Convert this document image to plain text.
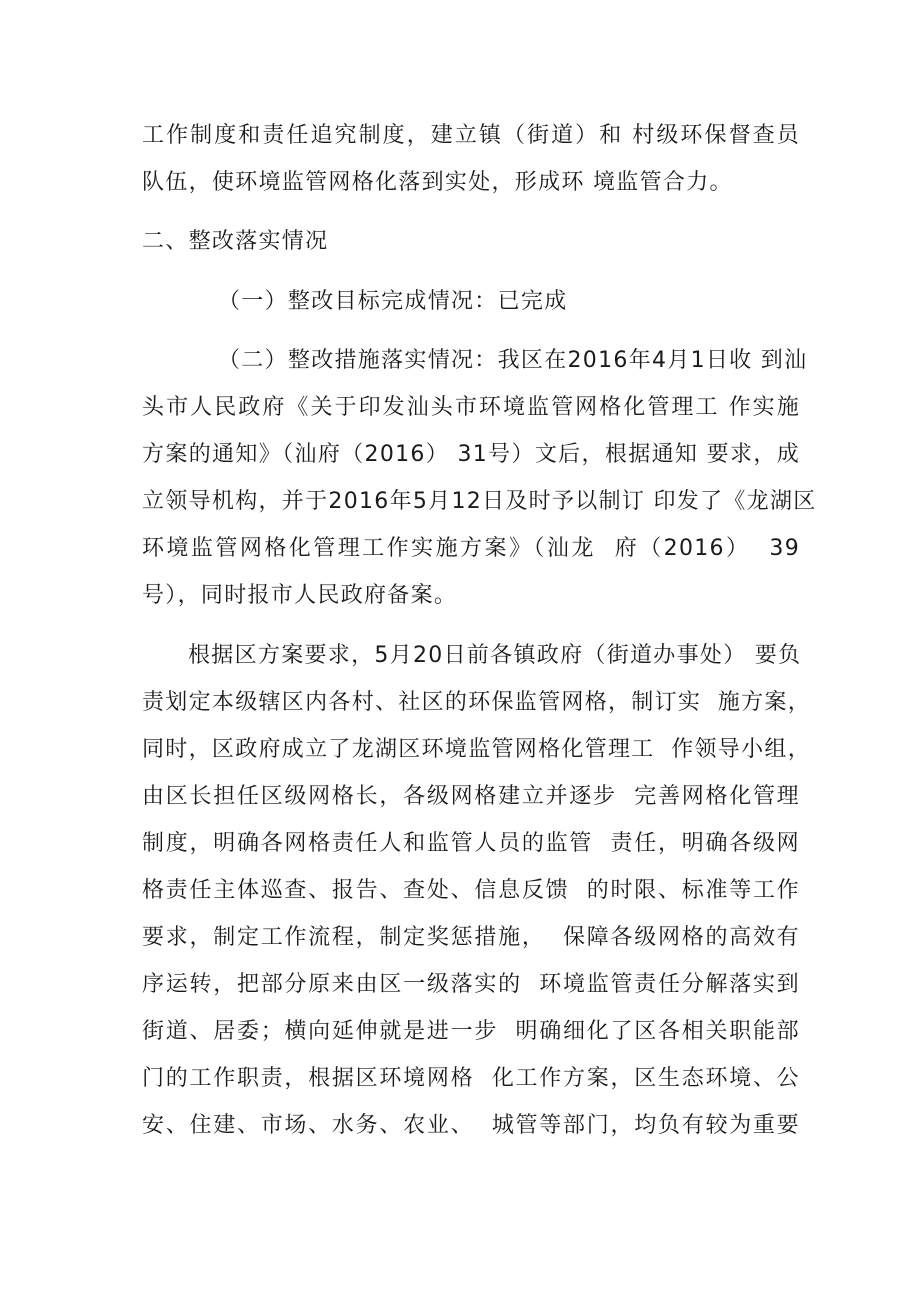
工作制度和责任追究制度，建立镇（街道）和 村级环保督查员
队伍，使环境监管网格化落到实处，形成环 境监管合力。
二、整改落实情况
（一）整改目标完成情况：已完成
（二）整改措施落实情况：我区在2016年4月1日收 到汕
头市人民政府《关于印发汕头市环境监管网格化管理工 作实施
方案的通知》（汕府（2016） 31号）文后，根据通知 要求，成
立领导机构，并于2016年5月12日及时予以制订 印发了《龙湖区
环境监管网格化管理工作实施方案》（汕龙  府（2016）  39
号），同时报市人民政府备案。
根据区方案要求，5月20日前各镇政府（街道办事处） 要负
责划定本级辖区内各村、社区的环保监管网格，制订实  施方案，
同时，区政府成立了龙湖区环境监管网格化管理工  作领导小组，
由区长担任区级网格长，各级网格建立并逐步  完善网格化管理
制度，明确各网格责任人和监管人员的监管  责任，明确各级网
格责任主体巡查、报告、查处、信息反馈  的时限、标准等工作
要求，制定工作流程，制定奖惩措施，  保障各级网格的高效有
序运转，把部分原来由区一级落实的  环境监管责任分解落实到
街道、居委；横向延伸就是进一步  明确细化了区各相关职能部
门的工作职责，根据区环境网格  化工作方案，区生态环境、公
安、住建、市场、水务、农业、  城管等部门，均负有较为重要
